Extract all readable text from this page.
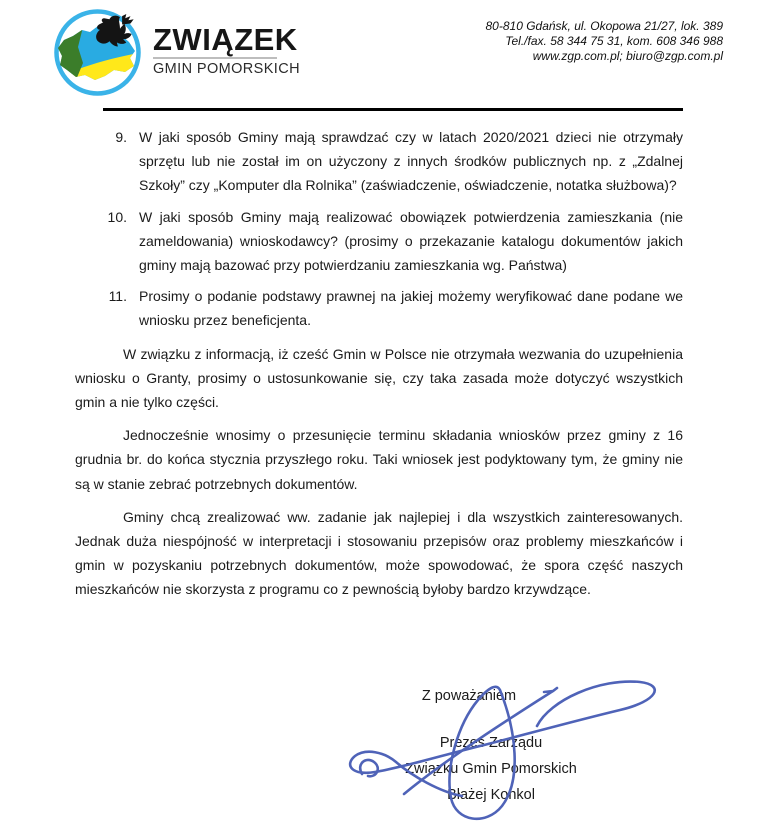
ZWIĄZEK
GMIN POMORSKICH
80-810 Gdańsk, ul. Okopowa 21/27, lok. 389
Tel./fax. 58 344 75 31, kom. 608 346 988
www.zgp.com.pl; biuro@zgp.com.pl
9. W jaki sposób Gminy mają sprawdzać czy w latach 2020/2021 dzieci nie otrzymały sprzętu lub nie został im on użyczony z innych środków publicznych np. z „Zdalnej Szkoły” czy „Komputer dla Rolnika” (zaświadczenie, oświadczenie, notatka służbowa)?
10. W jaki sposób Gminy mają realizować obowiązek potwierdzenia zamieszkania (nie zameldowania) wnioskodawcy? (prosimy o przekazanie katalogu dokumentów jakich gminy mają bazować przy potwierdzaniu zamieszkania wg. Państwa)
11. Prosimy o podanie podstawy prawnej na jakiej możemy weryfikować dane podane we wniosku przez beneficjenta.
W związku z informacją, iż cześć Gmin w Polsce nie otrzymała wezwania do uzupełnienia wniosku o Granty, prosimy o ustosunkowanie się, czy taka zasada może dotyczyć wszystkich gmin a nie tylko części.
Jednocześnie wnosimy o przesunięcie terminu składania wniosków przez gminy z 16 grudnia br. do końca stycznia przyszłego roku. Taki wniosek jest podyktowany tym, że gminy nie są w stanie zebrać potrzebnych dokumentów.
Gminy chcą zrealizować ww. zadanie jak najlepiej i dla wszystkich zainteresowanych. Jednak duża niespójność w interpretacji i stosowaniu przepisów oraz problemy mieszkańców i gmin w pozyskaniu potrzebnych dokumentów, może spowodować, że spora część naszych mieszkańców nie skorzysta z programu co z pewnością byłoby bardzo krzywdzące.
Z poważaniem
Prezes Zarządu
Związku Gmin Pomorskich
Błażej Konkol
